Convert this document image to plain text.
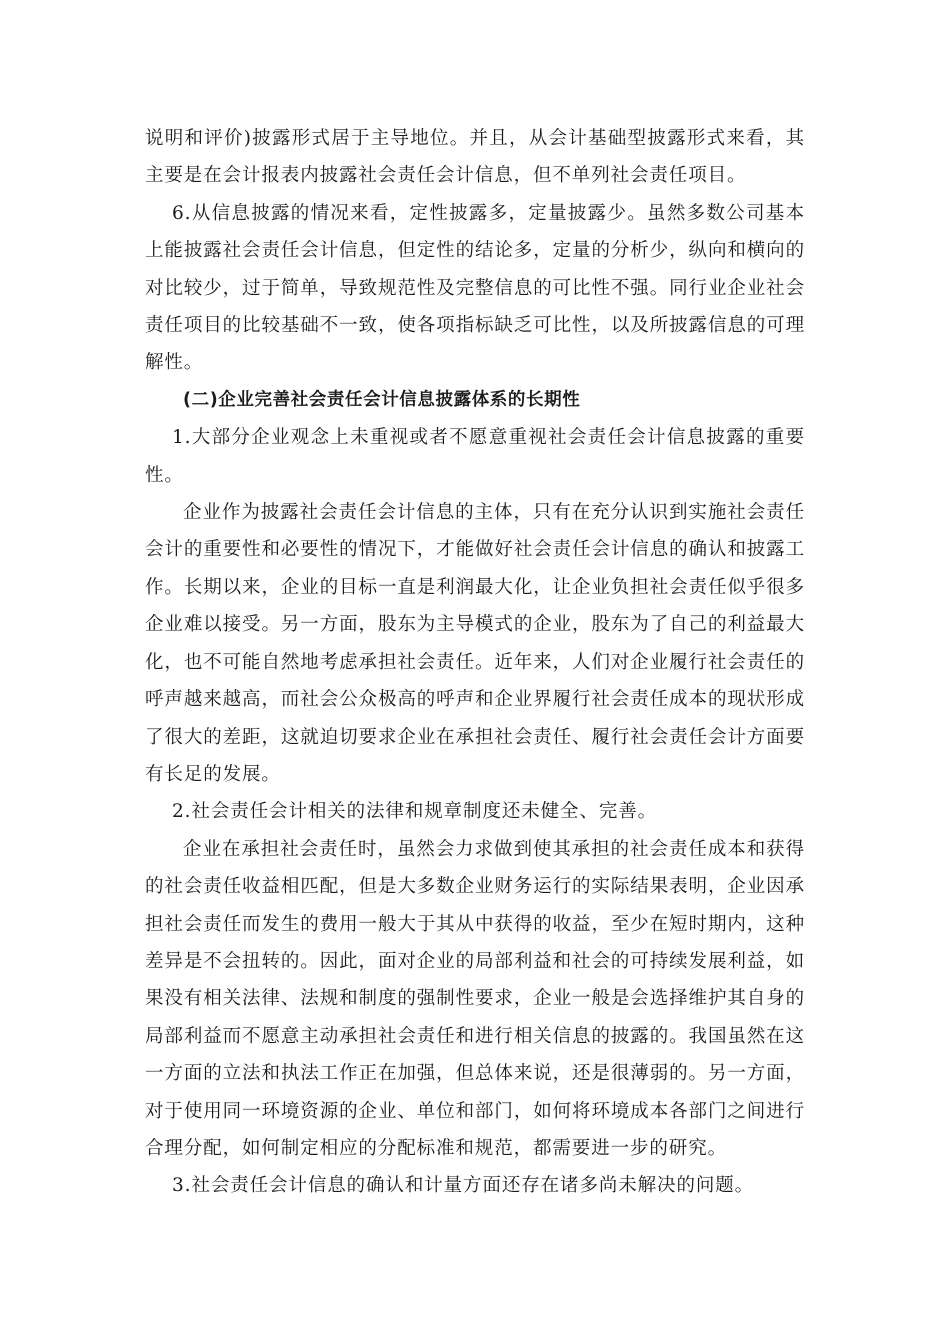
说明和评价)披露形式居于主导地位。并且，从会计基础型披露形式来看，其主要是在会计报表内披露社会责任会计信息，但不单列社会责任项目。

6.从信息披露的情况来看，定性披露多，定量披露少。虽然多数公司基本上能披露社会责任会计信息，但定性的结论多，定量的分析少，纵向和横向的对比较少，过于简单，导致规范性及完整信息的可比性不强。同行业企业社会责任项目的比较基础不一致，使各项指标缺乏可比性，以及所披露信息的可理解性。

(二)企业完善社会责任会计信息披露体系的长期性

1.大部分企业观念上未重视或者不愿意重视社会责任会计信息披露的重要性。

企业作为披露社会责任会计信息的主体，只有在充分认识到实施社会责任会计的重要性和必要性的情况下，才能做好社会责任会计信息的确认和披露工作。长期以来，企业的目标一直是利润最大化，让企业负担社会责任似乎很多企业难以接受。另一方面，股东为主导模式的企业，股东为了自己的利益最大化，也不可能自然地考虑承担社会责任。近年来，人们对企业履行社会责任的呼声越来越高，而社会公众极高的呼声和企业界履行社会责任成本的现状形成了很大的差距，这就迫切要求企业在承担社会责任、履行社会责任会计方面要有长足的发展。

2.社会责任会计相关的法律和规章制度还未健全、完善。

企业在承担社会责任时，虽然会力求做到使其承担的社会责任成本和获得的社会责任收益相匹配，但是大多数企业财务运行的实际结果表明，企业因承担社会责任而发生的费用一般大于其从中获得的收益，至少在短时期内，这种差异是不会扭转的。因此，面对企业的局部利益和社会的可持续发展利益，如果没有相关法律、法规和制度的强制性要求，企业一般是会选择维护其自身的局部利益而不愿意主动承担社会责任和进行相关信息的披露的。我国虽然在这一方面的立法和执法工作正在加强，但总体来说，还是很薄弱的。另一方面，对于使用同一环境资源的企业、单位和部门，如何将环境成本各部门之间进行合理分配，如何制定相应的分配标准和规范，都需要进一步的研究。

3.社会责任会计信息的确认和计量方面还存在诸多尚未解决的问题。
